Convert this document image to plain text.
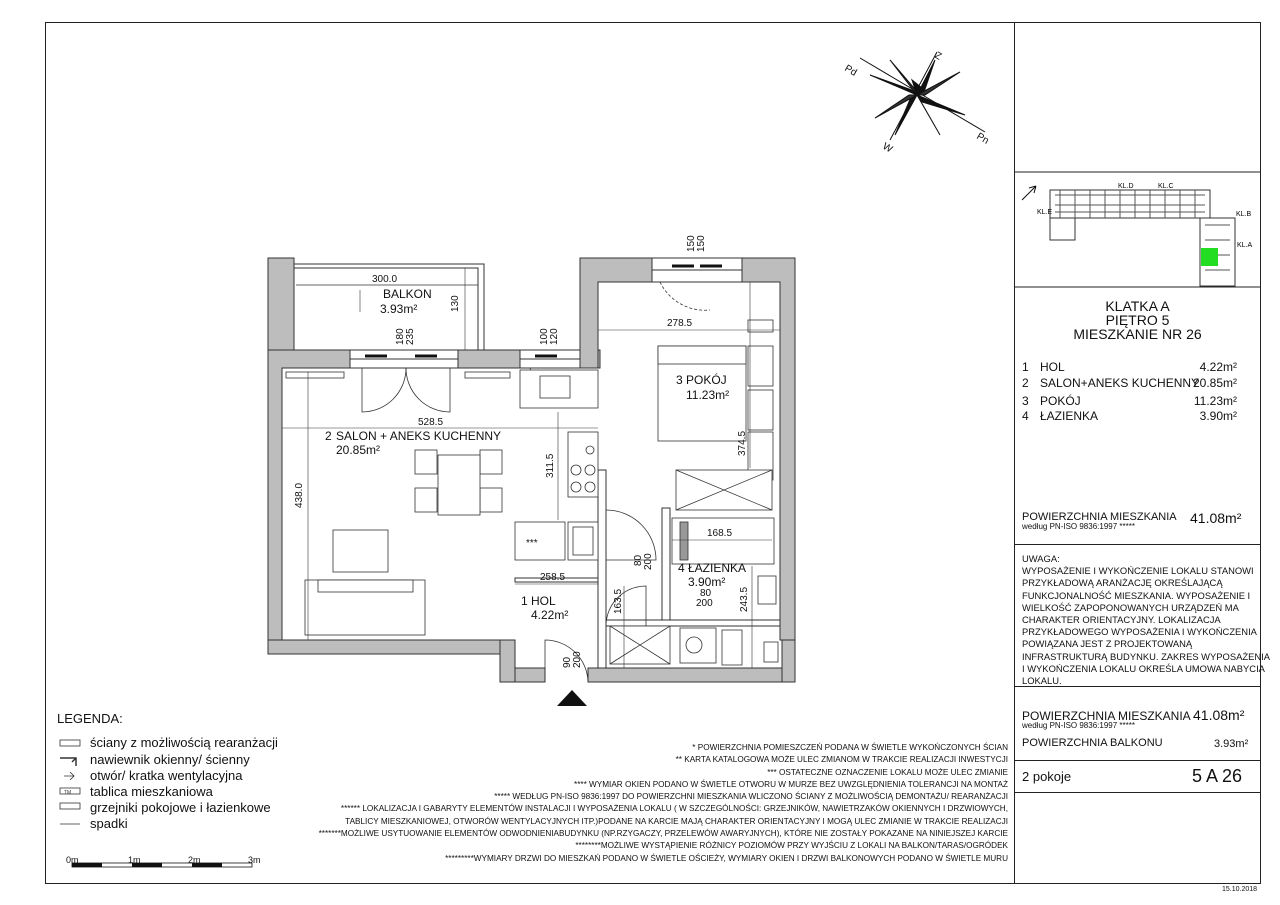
Z
Pd
Pn
W
KL.D	KL.C
KL.B
KL.E
KL.A
BALKON
3.93m²
2 SALON + ANEKS KUCHENNY
20.85m²
3 POKÓJ
11.23m²
4 ŁAZIENKA
3.90m²
1 HOL
4.22m²
***
300.0
130
180 235	100 120
150 150
528.5
438.0
311.5
278.5
374.5
168.5
243.5
258.5
163.5
80 200
80
200
90 200
TM
KLATKA A
PIĘTRO 5
MIESZKANIE NR 26
1 HOL	4.22m²
2 SALON+ANEKS KUCHENNY
20.85m²
3 POKÓJ	11.23m²
4 ŁAZIENKA	3.90m²
POWIERZCHNIA MIESZKANIA
według PN-ISO 9836:1997 *****
41.08m²
UWAGA:
WYPOSAŻENIE I WYKOŃCZENIE LOKALU STANOWI
PRZYKŁADOWĄ ARANŻACJĘ OKREŚLAJĄCĄ
FUNKCJONALNOŚĆ MIESZKANIA. WYPOSAŻENIE I
WIELKOŚĆ ZAPOPONOWANYCH URZĄDZEŃ MA
CHARAKTER ORIENTACYJNY. LOKALIZACJA
PRZYKŁADOWEGO WYPOSAŻENIA I WYKOŃCZENIA
POWIĄZANA JEST Z PROJEKTOWANĄ
INFRASTRUKTURĄ BUDYNKU. ZAKRES WYPOSAŻENIA
I WYKOŃCZENIA LOKALU OKREŚLA UMOWA NABYCIA
LOKALU.
POWIERZCHNIA MIESZKANIA
według PN-ISO 9836:1997 *****
41.08m²
POWIERZCHNIA BALKONU	3.93m²
2 pokoje	5 A 26
15.10.2018
LEGENDA:
ściany z możliwością rearanżacji
nawiewnik okienny/ ścienny
otwór/ kratka wentylacyjna
tablica mieszkaniowa
grzejniki pokojowe i łazienkowe
spadki
0m	1m	2m	3m
* POWIERZCHNIA POMIESZCZEŃ PODANA W ŚWIETLE WYKOŃCZONYCH ŚCIAN
** KARTA KATALOGOWA MOŻE ULEC ZMIANOM W TRAKCIE REALIZACJI INWESTYCJI
*** OSTATECZNE OZNACZENIE LOKALU MOŻE ULEC ZMIANIE
**** WYMIAR OKIEN PODANO W ŚWIETLE OTWORU W MURZE BEZ UWZGLĘDNIENIA TOLERANCJI NA MONTAŻ
***** WEDŁUG PN-ISO 9836:1997 DO POWIERZCHNI MIESZKANIA WLICZONO ŚCIANY Z MOŻLIWOŚCIĄ DEMONTAŻU/ REARANŻACJI
****** LOKALIZACJA I GABARYTY ELEMENTÓW INSTALACJI I WYPOSAŻENIA LOKALU ( W SZCZEGÓLNOŚCI: GRZEJNIKÓW, NAWIETRZAKÓW OKIENNYCH I DRZWIOWYCH,
TABLICY MIESZKANIOWEJ, OTWORÓW WENTYLACYJNYCH ITP.)PODANE NA KARCIE MAJĄ CHARAKTER ORIENTACYJNY I MOGĄ ULEC ZMIANIE W TRAKCIE REALIZACJI
*******MOŻLIWE USYTUOWANIE ELEMENTÓW ODWODNIENIABUDYNKU (NP.RZYGACZY, PRZELEWÓW AWARYJNYCH), KTÓRE NIE ZOSTAŁY POKAZANE NA NINIEJSZEJ KARCIE
********MOŻLIWE WYSTĄPIENIE RÓŻNICY POZIOMÓW PRZY WYJŚCIU Z LOKALI NA BALKON/TARAS/OGRÓDEK
*********WYMIARY DRZWI DO MIESZKAŃ PODANO W ŚWIETLE OŚCIEŻY, WYMIARY OKIEN I DRZWI BALKONOWYCH PODANO W ŚWIETLE MURU
